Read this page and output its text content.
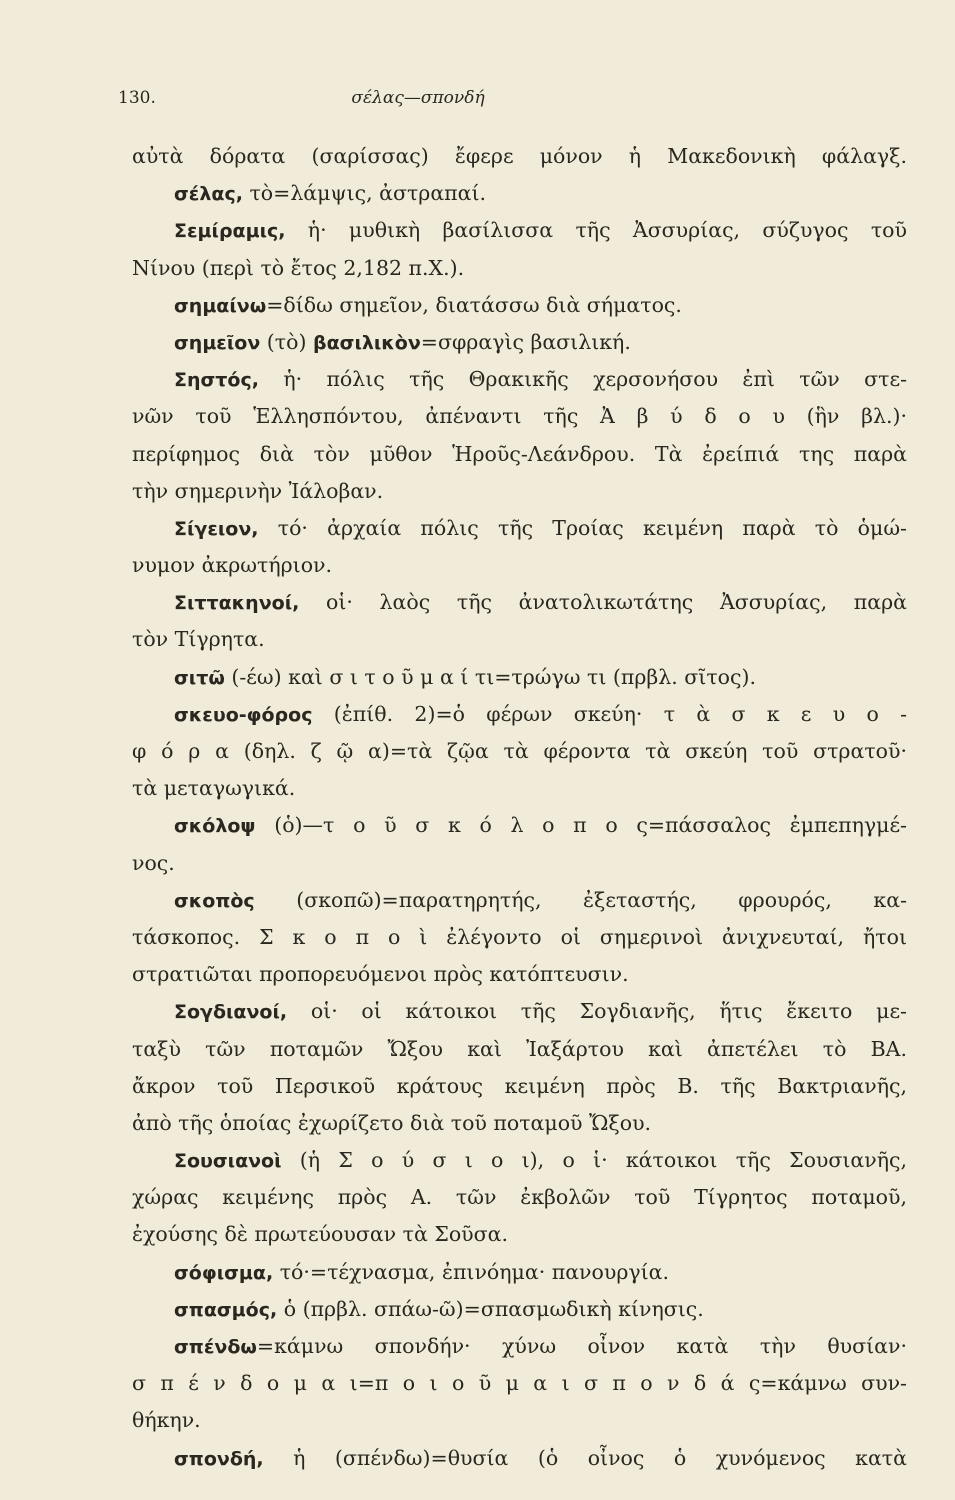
130.	σέλας—σπονδή
αὐτὰ δόρατα (σαρίσσας) ἔφερε μόνον ἡ Μακεδονικὴ φάλαγξ.
σέλας, τὸ=λάμψις, ἀστραπαί.
Σεμίραμις, ἡ· μυθικὴ βασίλισσα τῆς Ἀσσυρίας, σύζυγος τοῦ
Νίνου (περὶ τὸ ἔτος 2,182 π.Χ.).
σημαίνω=δίδω σημεῖον, διατάσσω διὰ σήματος.
σημεῖον (τὸ) βασιλικὸν=σφραγὶς βασιλική.
Σηστός, ἡ· πόλις τῆς Θρακικῆς χερσονήσου ἐπὶ τῶν στε-
νῶν τοῦ Ἑλλησπόντου, ἀπέναντι τῆς Ἀ β ύ δ ο υ (ἣν βλ.)·
περίφημος διὰ τὸν μῦθον Ἡροῦς-Λεάνδρου. Τὰ ἐρείπιά της παρὰ
τὴν σημερινὴν Ἰάλοβαν.
Σίγειον, τό· ἀρχαία πόλις τῆς Τροίας κειμένη παρὰ τὸ ὁμώ-
νυμον ἀκρωτήριον.
Σιττακηνοί, οἱ· λαὸς τῆς ἀνατολικωτάτης Ἀσσυρίας, παρὰ
τὸν Τίγρητα.
σιτῶ (-έω) καὶ σ ι τ ο ῦ μ α ί τι=τρώγω τι (πρβλ. σῖτος).
σκευο-φόρος (ἐπίθ. 2)=ὁ φέρων σκεύη· τ ὰ σ κ ε υ ο -
φ ό ρ α (δηλ. ζ ῷ α)=τὰ ζῷα τὰ φέροντα τὰ σκεύη τοῦ στρατοῦ·
τὰ μεταγωγικά.
σκόλοψ (ὁ)—τ ο ῦ σ κ ό λ ο π ο ς=πάσσαλος ἐμπεπηγμέ-
νος.
σκοπὸς (σκοπῶ)=παρατηρητής, ἐξεταστής, φρουρός, κα-
τάσκοπος. Σ κ ο π ο ὶ ἐλέγοντο οἱ σημερινοὶ ἀνιχνευταί, ἤτοι
στρατιῶται προπορευόμενοι πρὸς κατόπτευσιν.
Σογδιανοί, οἱ· οἱ κάτοικοι τῆς Σογδιανῆς, ἥτις ἔκειτο με-
ταξὺ τῶν ποταμῶν Ὤξου καὶ Ἰαξάρτου καὶ ἀπετέλει τὸ ΒΑ.
ἄκρον τοῦ Περσικοῦ κράτους κειμένη πρὸς Β. τῆς Βακτριανῆς,
ἀπὸ τῆς ὁποίας ἐχωρίζετο διὰ τοῦ ποταμοῦ Ὤξου.
Σουσιανοὶ (ἡ Σ ο ύ σ ι ο ι), ο ἱ· κάτοικοι τῆς Σουσιανῆς,
χώρας κειμένης πρὸς Α. τῶν ἐκβολῶν τοῦ Τίγρητος ποταμοῦ,
ἐχούσης δὲ πρωτεύουσαν τὰ Σοῦσα.
σόφισμα, τό·=τέχνασμα, ἐπινόημα· πανουργία.
σπασμός, ὁ (πρβλ. σπάω-ῶ)=σπασμωδικὴ κίνησις.
σπένδω=κάμνω σπονδήν· χύνω οἶνον κατὰ τὴν θυσίαν·
σ π έ ν δ ο μ α ι=π ο ι ο ῦ μ α ι σ π ο ν δ ά ς=κάμνω συν-
θήκην.
σπονδή, ἡ (σπένδω)=θυσία (ὁ οἶνος ὁ χυνόμενος κατὰ
